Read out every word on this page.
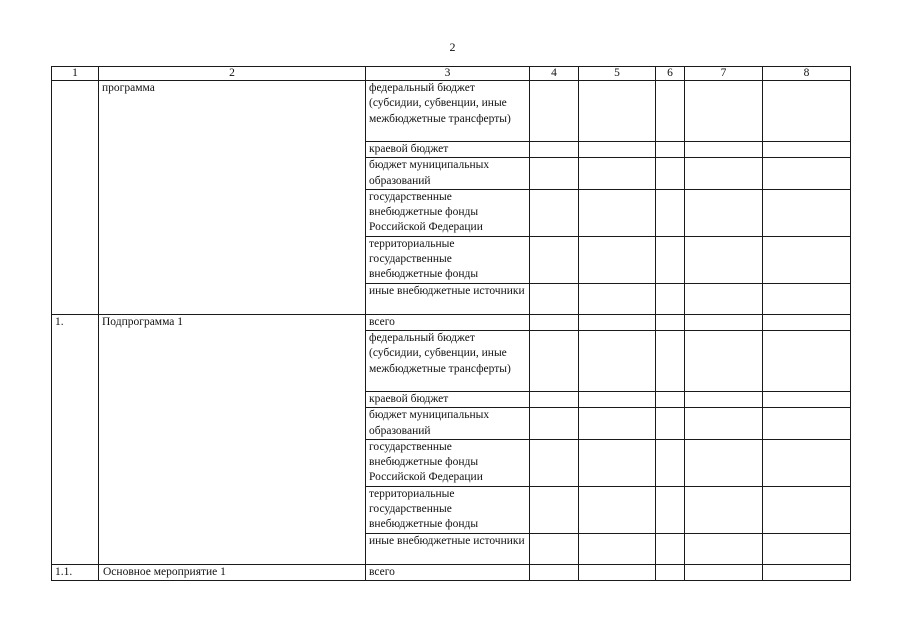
2
1	2	3	4	5	6	7	8
	программа	федеральный бюджет (субсидии, субвенции, иные межбюджетные трансферты)					
		краевой бюджет					
		бюджет муниципальных образований					
		государственные внебюджетные фонды Российской Федерации					
		территориальные государственные внебюджетные фонды					
		иные внебюджетные источники					
1.	Подпрограмма 1	всего					
		федеральный бюджет (субсидии, субвенции, иные межбюджетные трансферты)					
		краевой бюджет					
		бюджет муниципальных образований					
		государственные внебюджетные фонды Российской Федерации					
		территориальные государственные внебюджетные фонды					
		иные внебюджетные источники					
1.1.	Основное мероприятие 1	всего					
